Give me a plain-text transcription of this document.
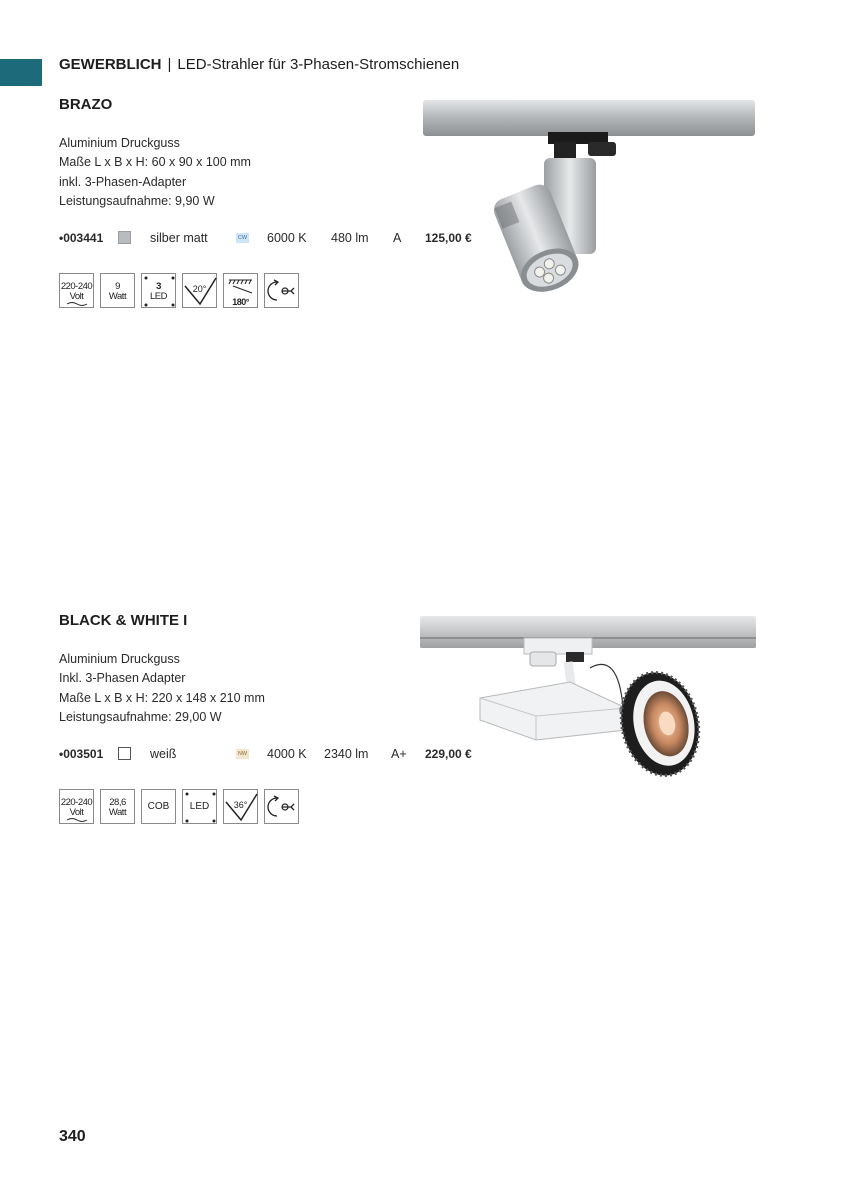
GEWERBLICH | LED-Strahler für 3-Phasen-Stromschienen
BRAZO
Aluminium Druckguss
Maße L x B x H: 60 x 90 x 100 mm
inkl. 3-Phasen-Adapter
Leistungsaufnahme: 9,90 W
•003441	silber matt	CW 6000 K 480 lm A 125,00 €
220-240
Volt
9
Watt
3
LED
20°
180°
BLACK & WHITE I
Aluminium Druckguss
Inkl. 3-Phasen Adapter
Maße L x B x H: 220 x 148 x 210 mm
Leistungsaufnahme: 29,00 W
•003501	weiß	NW 4000 K 2340 lm A+ 229,00 €
220-240
Volt
28,6
Watt
COB	LED	36°
340
